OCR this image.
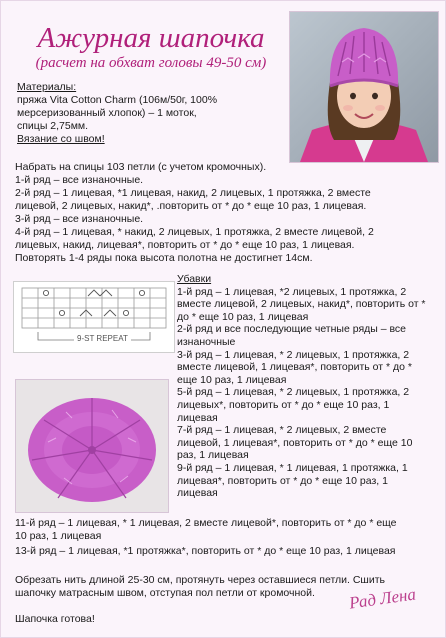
Ажурная шапочка
(расчет на обхват головы 49-50 см)
Материалы:
пряжа Vita Cotton Charm (106м/50г, 100%
мерсеризованный хлопок) – 1 моток,
спицы 2,75мм.
Вязание со швом!
Набрать на спицы 103 петли (с учетом кромочных).
1-й ряд – все изнаночные.
2-й ряд – 1 лицевая, *1 лицевая, накид, 2 лицевых, 1 протяжка, 2 вместе
лицевой, 2 лицевых, накид*, .повторить от * до * еще 10 раз, 1 лицевая.
3-й ряд – все изнаночные.
4-й ряд – 1 лицевая, * накид, 2 лицевых, 1 протяжка, 2 вместе лицевой, 2
лицевых, накид, лицевая*, повторить от * до * еще 10 раз, 1 лицевая.
Повторять 1-4 ряды пока высота полотна не достигнет 14см.
9-ST REPEAT
Убавки
1-й ряд – 1 лицевая, *2 лицевых, 1 протяжка, 2
вместе лицевой, 2 лицевых, накид*, повторить от *
до * еще 10 раз, 1 лицевая
2-й ряд и все последующие четные ряды – все
изнаночные
3-й ряд – 1 лицевая, * 2 лицевых, 1 протяжка, 2
вместе лицевой, 1 лицевая*, повторить от * до *
еще 10 раз, 1 лицевая
5-й ряд – 1 лицевая, * 2 лицевых, 1 протяжка, 2
лицевых*, повторить от * до * еще 10 раз, 1
лицевая
7-й ряд – 1 лицевая, * 2 лицевых, 2 вместе
лицевой, 1 лицевая*, повторить от * до * еще 10
раз, 1 лицевая
9-й ряд – 1 лицевая, * 1 лицевая, 1 протяжка, 1
лицевая*, повторить от * до * еще 10 раз, 1
лицевая
11-й ряд – 1 лицевая, * 1 лицевая, 2 вместе лицевой*, повторить от * до * еще
10 раз, 1 лицевая
13-й ряд – 1 лицевая, *1 протяжка*, повторить от * до * еще 10 раз, 1 лицевая
Обрезать нить длиной 25-30 см, протянуть через оставшиеся петли. Сшить
шапочку матрасным швом, отступая пол петли от кромочной.
Шапочка готова!
Рад Лена
